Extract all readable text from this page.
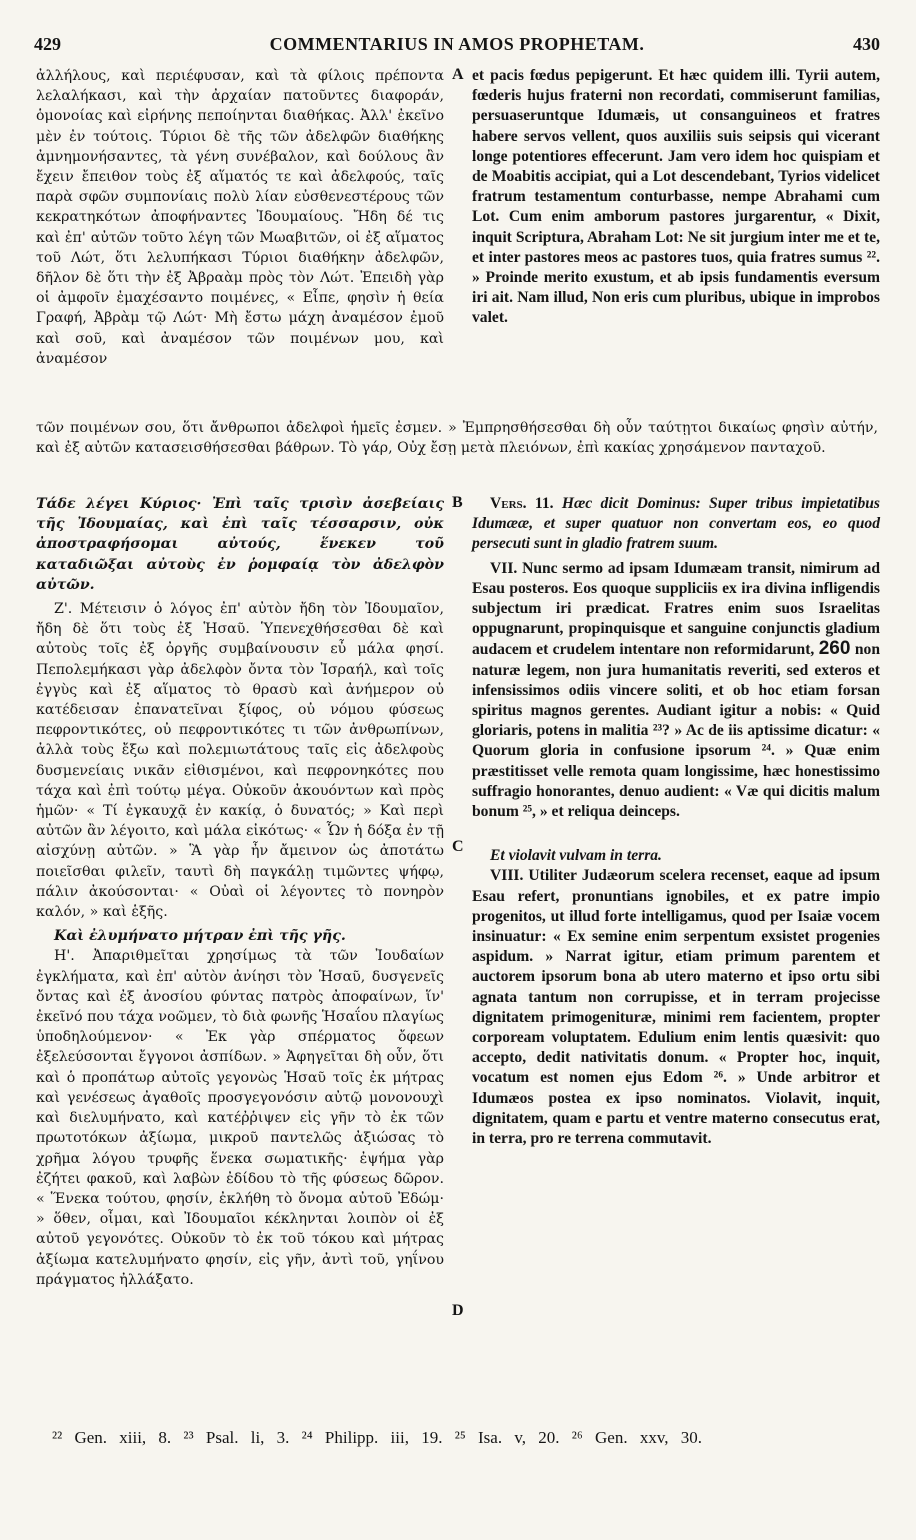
429	COMMENTARIUS IN AMOS PROPHETAM.	430

ἀλλήλους, καὶ περιέφυσαν, καὶ τὰ φίλοις πρέποντα λελαλήκασι, καὶ τὴν ἀρχαίαν πατοῦντες διαφοράν, ὁμονοίας καὶ εἰρήνης πεποίηνται διαθήκας. Ἀλλ' ἐκεῖνο μὲν ἐν τούτοις. Τύριοι δὲ τῆς τῶν ἀδελφῶν διαθήκης ἀμνημονήσαντες, τὰ γένη συνέβαλον, καὶ δούλους ἂν ἔχειν ἔπειθον τοὺς ἐξ αἵματός τε καὶ ἀδελφούς, ταῖς παρὰ σφῶν συμπονίαις πολὺ λίαν εὐσθενεστέρους τῶν κεκρατηκότων ἀποφήναντες Ἰδουμαίους. Ἤδη δέ τις καὶ ἐπ' αὐτῶν τοῦτο λέγη τῶν Μωαβιτῶν, οἱ ἐξ αἵματος τοῦ Λώτ, ὅτι λελυπήκασι Τύριοι διαθήκην ἀδελφῶν, δῆλον δὲ ὅτι τὴν ἐξ Ἀβραὰμ πρὸς τὸν Λώτ. Ἐπειδὴ γὰρ οἱ ἀμφοῖν ἐμαχέσαντο ποιμένες, « Εἶπε, φησὶν ἡ θεία Γραφή, Ἀβρὰμ τῷ Λώτ· Μὴ ἔστω μάχη ἀναμέσον ἐμοῦ καὶ σοῦ, καὶ ἀναμέσον τῶν ποιμένων μου, καὶ ἀναμέσον

τῶν ποιμένων σου, ὅτι ἄνθρωποι ἀδελφοὶ ἡμεῖς ἐσμεν. » Ἐμπρησθήσεσθαι δὴ οὖν ταύτῃτοι δικαίως φησὶν αὐτήν, καὶ ἐξ αὐτῶν κατασεισθήσεσθαι βάθρων. Τὸ γάρ, Οὐχ ἔσῃ μετὰ πλειόνων, ἐπὶ κακίας χρησάμενον πανταχοῦ.

Τάδε λέγει Κύριος· Ἐπὶ ταῖς τρισὶν ἀσεβείαις τῆς Ἰδουμαίας, καὶ ἐπὶ ταῖς τέσσαρσιν, οὐκ ἀποστραφήσομαι αὐτούς, ἕνεκεν τοῦ καταδιῶξαι αὐτοὺς ἐν ῥομφαίᾳ τὸν ἀδελφὸν αὐτῶν.

Ζ'. Μέτεισιν ὁ λόγος ἐπ' αὐτὸν ἤδη τὸν Ἰδουμαῖον, ἤδη δὲ ὅτι τοὺς ἐξ Ἡσαῦ. Ὑπενεχθήσεσθαι δὲ καὶ αὐτοὺς τοῖς ἐξ ὀργῆς συμβαίνουσιν εὖ μάλα φησί. Πεπολεμήκασι γὰρ ἀδελφὸν ὄντα τὸν Ἰσραήλ, καὶ τοῖς ἐγγὺς καὶ ἐξ αἵματος τὸ θρασὺ καὶ ἀνήμερον οὐ κατέδεισαν ἐπανατεῖναι ξίφος, οὐ νόμου φύσεως πεφροντικότες, οὐ πεφροντικότες τι τῶν ἀνθρωπίνων, ἀλλὰ τοὺς ἔξω καὶ πολεμιωτάτους ταῖς εἰς ἀδελφοὺς δυσμενείαις νικᾶν εἰθισμένοι, καὶ πεφρονηκότες που τάχα καὶ ἐπὶ τούτῳ μέγα. Οὐκοῦν ἀκουόντων καὶ πρὸς ἡμῶν· « Τί ἐγκαυχᾷ ἐν κακίᾳ, ὁ δυνατός; » Καὶ περὶ αὐτῶν ἂν λέγοιτο, καὶ μάλα εἰκότως· « Ὧν ἡ δόξα ἐν τῇ αἰσχύνῃ αὐτῶν. » Ἃ γὰρ ἦν ἄμεινον ὡς ἀποτάτω ποιεῖσθαι φιλεῖν, ταυτὶ δὴ παγκάλῃ τιμῶντες ψήφῳ, πάλιν ἀκούσονται· « Οὐαὶ οἱ λέγοντες τὸ πονηρὸν καλόν, » καὶ ἑξῆς.

Καὶ ἐλυμήνατο μήτραν ἐπὶ τῆς γῆς.

Η'. Ἀπαριθμεῖται χρησίμως τὰ τῶν Ἰουδαίων ἐγκλήματα, καὶ ἐπ' αὐτὸν ἀνίησι τὸν Ἡσαῦ, δυσγενεῖς ὄντας καὶ ἐξ ἀνοσίου φύντας πατρὸς ἀποφαίνων, ἵν' ἐκεῖνό που τάχα νοῶμεν, τὸ διὰ φωνῆς Ἡσαΐου πλαγίως ὑποδηλούμενον· « Ἐκ γὰρ σπέρματος ὄφεων ἐξελεύσονται ἔγγονοι ἀσπίδων. » Ἀφηγεῖται δὴ οὖν, ὅτι καὶ ὁ προπάτωρ αὐτοῖς γεγονὼς Ἡσαῦ τοῖς ἐκ μήτρας καὶ γενέσεως ἀγαθοῖς προσγεγονόσιν αὐτῷ μονονουχὶ καὶ διελυμήνατο, καὶ κατέῤῥιψεν εἰς γῆν τὸ ἐκ τῶν πρωτοτόκων ἀξίωμα, μικροῦ παντελῶς ἀξιώσας τὸ χρῆμα λόγου τρυφῆς ἕνεκα σωματικῆς· ἐψήμα γὰρ ἐζήτει φακοῦ, καὶ λαβὼν ἐδίδου τὸ τῆς φύσεως δῶρον. « Ἕνεκα τούτου, φησίν, ἐκλήθη τὸ ὄνομα αὐτοῦ Ἐδώμ· » ὅθεν, οἶμαι, καὶ Ἰδουμαῖοι κέκληνται λοιπὸν οἱ ἐξ αὐτοῦ γεγονότες. Οὐκοῦν τὸ ἐκ τοῦ τόκου καὶ μήτρας ἀξίωμα κατελυμήνατο φησίν, εἰς γῆν, ἀντὶ τοῦ, γηΐνου πράγματος ἠλλάξατο.

A
B
C
D

et pacis fœdus pepigerunt. Et hæc quidem illi. Tyrii autem, fœderis hujus fraterni non recordati, commiserunt familias, persuaseruntque Idumæis, ut consanguineos et fratres habere servos vellent, quos auxiliis suis seipsis qui vicerant longe potentiores effecerunt. Jam vero idem hoc quispiam et de Moabitis accipiat, qui a Lot descendebant, Tyrios videlicet fratrum testamentum conturbasse, nempe Abrahami cum Lot. Cum enim amborum pastores jurgarentur, « Dixit, inquit Scriptura, Abraham Lot: Ne sit jurgium inter me et te, et inter pastores meos ac pastores tuos, quia fratres sumus ²². » Proinde merito exustum, et ab ipsis fundamentis eversum iri ait. Nam illud, Non eris cum pluribus, ubique in improbos valet.

Vers. 11. Hæc dicit Dominus: Super tribus impietatibus Idumææ, et super quatuor non convertam eos, eo quod persecuti sunt in gladio fratrem suum.

VII. Nunc sermo ad ipsam Idumæam transit, nimirum ad Esau posteros. Eos quoque suppliciis ex ira divina infligendis subjectum iri prædicat. Fratres enim suos Israelitas oppugnarunt, propinquisque et sanguine conjunctis gladium audacem et crudelem intentare non reformidarunt, 260 non naturæ legem, non jura humanitatis reveriti, sed exteros et infensissimos odiis vincere soliti, et ob hoc etiam forsan spiritus magnos gerentes. Audiant igitur a nobis: « Quid gloriaris, potens in malitia ²³? » Ac de iis aptissime dicatur: « Quorum gloria in confusione ipsorum ²⁴. » Quæ enim præstitisset velle remota quam longissime, hæc honestissimo suffragio honorantes, denuo audient: « Væ qui dicitis malum bonum ²⁵, » et reliqua deinceps.

Et violavit vulvam in terra.

VIII. Utiliter Judæorum scelera recenset, eaque ad ipsum Esau refert, pronuntians ignobiles, et ex patre impio progenitos, ut illud forte intelligamus, quod per Isaiæ vocem insinuatur: « Ex semine enim serpentum exsistet progenies aspidum. » Narrat igitur, etiam primum parentem et auctorem ipsorum bona ab utero materno et ipso ortu sibi agnata tantum non corrupisse, et in terram projecisse dignitatem primogenituræ, minimi rem facientem, propter corpoream voluptatem. Edulium enim lentis quæsivit: quo accepto, dedit nativitatis donum. « Propter hoc, inquit, vocatum est nomen ejus Edom ²⁶. » Unde arbitror et Idumæos postea ex ipso nominatos. Violavit, inquit, dignitatem, quam e partu et ventre materno consecutus erat, in terra, pro re terrena commutavit.

²² Gen. xiii, 8. ²³ Psal. li, 3. ²⁴ Philipp. iii, 19. ²⁵ Isa. v, 20. ²⁶ Gen. xxv, 30.
